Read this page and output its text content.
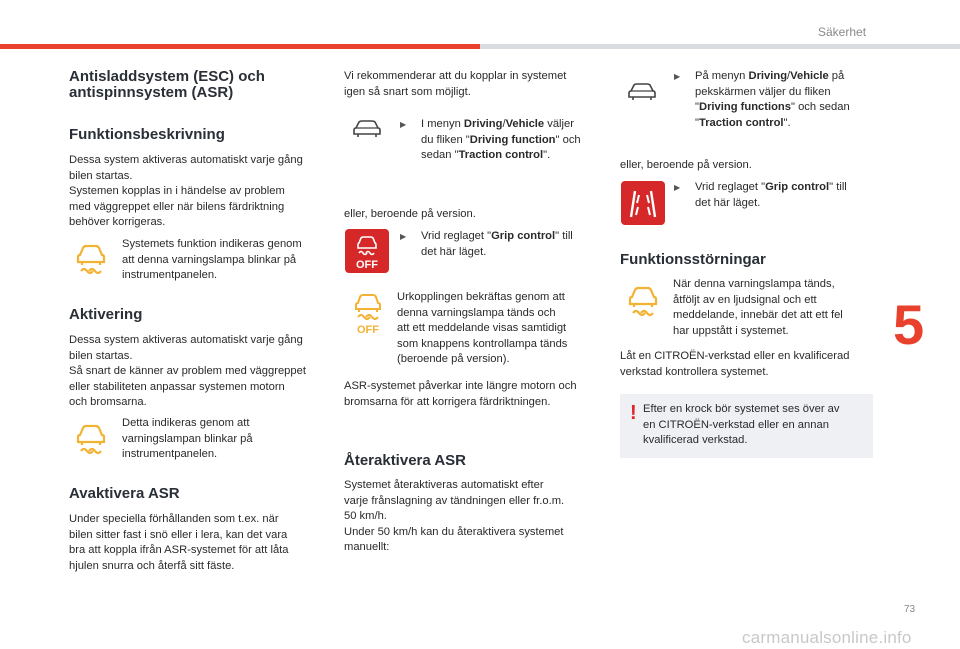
Säkerhet
5
73
carmanualsonline.info
Antisladdsystem (ESC) och
antispinnsystem (ASR)
Funktionsbeskrivning
Dessa system aktiveras automatiskt varje gång
bilen startas.
Systemen kopplas in i händelse av problem
med väggreppet eller när bilens färdriktning
behöver korrigeras.
Systemets funktion indikeras genom
att denna varningslampa blinkar på
instrumentpanelen.
Aktivering
Dessa system aktiveras automatiskt varje gång
bilen startas.
Så snart de känner av problem med väggreppet
eller stabiliteten anpassar systemen motorn
och bromsarna.
Detta indikeras genom att
varningslampan blinkar på
instrumentpanelen.
Avaktivera ASR
Under speciella förhållanden som t.ex. när
bilen sitter fast i snö eller i lera, kan det vara
bra att koppla ifrån ASR-systemet för att låta
hjulen snurra och återfå sitt fäste.
Vi rekommenderar att du kopplar in systemet
igen så snart som möjligt.
▶ I menyn Driving/Vehicle väljer
du fliken "Driving function" och
sedan "Traction control".
eller, beroende på version.
OFF
▶ Vrid reglaget "Grip control" till
det här läget.
OFF
Urkopplingen bekräftas genom att
denna varningslampa tänds och
att ett meddelande visas samtidigt
som knappens kontrollampa tänds
(beroende på version).
ASR-systemet påverkar inte längre motorn och
bromsarna för att korrigera färdriktningen.
Återaktivera ASR
Systemet återaktiveras automatiskt efter
varje frånslagning av tändningen eller fr.o.m.
50 km/h.
Under 50 km/h kan du återaktivera systemet
manuellt:
▶ På menyn Driving/Vehicle på
pekskärmen väljer du fliken
"Driving functions" och sedan
"Traction control".
eller, beroende på version.
▶ Vrid reglaget "Grip control" till
det här läget.
Funktionsstörningar
När denna varningslampa tänds,
åtföljt av en ljudsignal och ett
meddelande, innebär det att ett fel
har uppstått i systemet.
Låt en CITROËN-verkstad eller en kvalificerad
verkstad kontrollera systemet.
! Efter en krock bör systemet ses över av
en CITROËN-verkstad eller en annan
kvalificerad verkstad.
